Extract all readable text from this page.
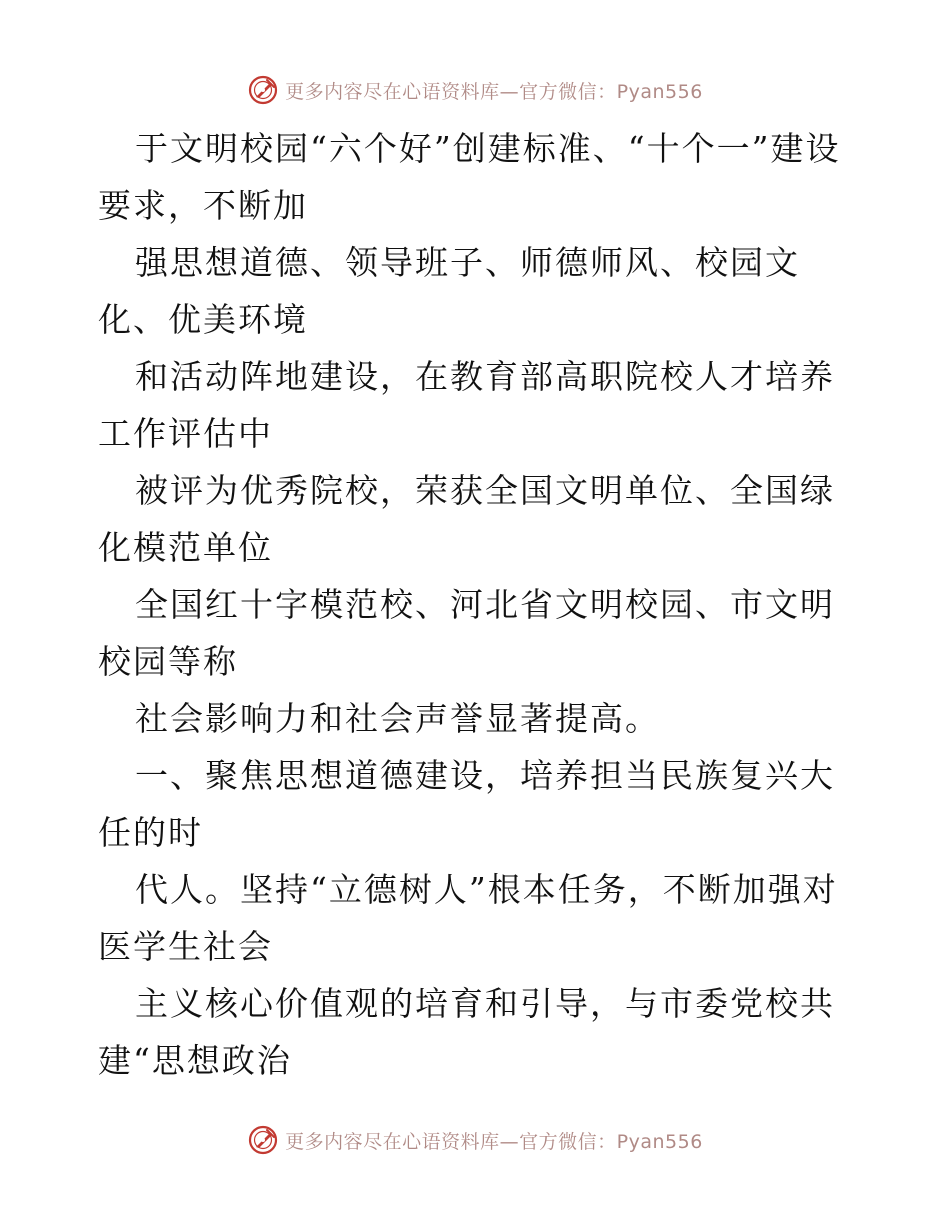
更多内容尽在心语资料库—官方微信：Pyan556

于文明校园“六个好”创建标准、“十个一”建设要求，不断加

强思想道德、领导班子、师德师风、校园文化、优美环境

和活动阵地建设，在教育部高职院校人才培养工作评估中

被评为优秀院校，荣获全国文明单位、全国绿化模范单位

全国红十字模范校、河北省文明校园、市文明校园等称

社会影响力和社会声誉显著提高。

一、聚焦思想道德建设，培养担当民族复兴大任的时

代人。坚持“立德树人”根本任务，不断加强对医学生社会

主义核心价值观的培育和引导，与市委党校共建“思想政治

更多内容尽在心语资料库—官方微信：Pyan556
